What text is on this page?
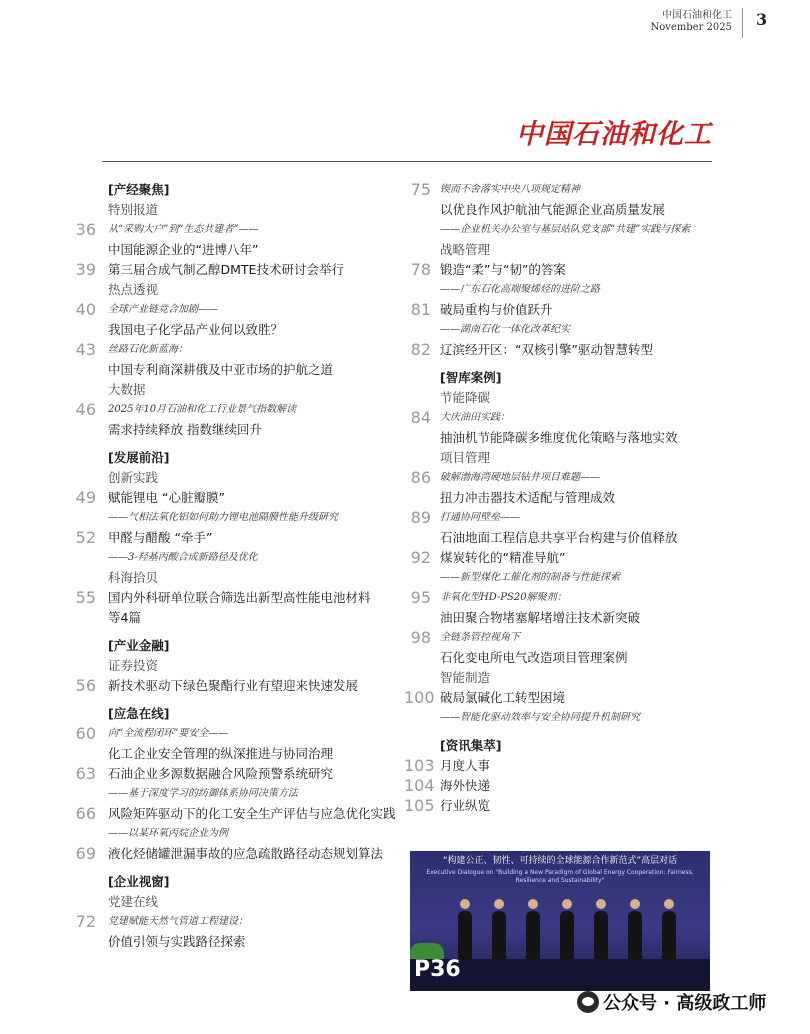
中国石油和化工
November 2025 3
中国石油和化工
[产经聚焦]
特别报道
36 从“采购大户”到“生态共建者”——
中国能源企业的“进博八年”
39 第三届合成气制乙醇DMTE技术研讨会举行
热点透视
40 全球产业链竞合加剧——
我国电子化学品产业何以致胜？
43 丝路石化新蓝海：
中国专利商深耕俄及中亚市场的护航之道
大数据
46 2025年10月石油和化工行业景气指数解读
需求持续释放 指数继续回升
[发展前沿]
创新实践
49 赋能锂电 “心脏瓣膜”
——气相法氧化铝如何助力锂电池隔膜性能升级研究
52 甲醛与醋酸 “牵手”
——3-羟基丙酸合成新路径及优化
科海拾贝
55 国内外科研单位联合筛选出新型高性能电池材料
等4篇
[产业金融]
证券投资
56 新技术驱动下绿色聚酯行业有望迎来快速发展
[应急在线]
60 向“全流程闭环”要安全——
化工企业安全管理的纵深推进与协同治理
63 石油企业多源数据融合风险预警系统研究
——基于深度学习的纺御体系协同决策方法
66 风险矩阵驱动下的化工安全生产评估与应急优化实践
——以某环氧丙烷企业为例
69 液化烃储罐泄漏事故的应急疏散路径动态规划算法
[企业视窗]
党建在线
72 党建赋能天然气管道工程建设：
价值引领与实践路径探索
75 锲而不舍落实中央八项规定精神
以优良作风护航油气能源企业高质量发展
——企业机关办公室与基层站队党支部“共建”实践与探索
战略管理
78 锻造“柔”与“韧”的答案
——广东石化高端聚烯烃的进阶之路
81 破局重构与价值跃升
——湖南石化一体化改革纪实
82 辽滨经开区：“双核引擎”驱动智慧转型
[智库案例]
节能降碳
84 大庆油田实践：
抽油机节能降碳多维度优化策略与落地实效
项目管理
86 破解渤海湾硬地层钻井项目难题——
扭力冲击器技术适配与管理成效
89 打通协同壁垒——
石油地面工程信息共享平台构建与价值释放
92 煤炭转化的“精准导航”
——新型煤化工催化剂的制备与性能探索
95 非氧化型HD-PS20解聚剂：
油田聚合物堵塞解堵增注技术新突破
98 全链条管控视角下
石化变电所电气改造项目管理案例
智能制造
100 破局氯碱化工转型困境
——智能化驱动效率与安全协同提升机制研究
[资讯集萃]
103 月度人事
104 海外快递
105 行业纵览
“构建公正、韧性、可持续的全球能源合作新范式”高层对话
Executive Dialogue on "Building a New Paradigm of Global Energy Cooperation: Fairness, Resilience and Sustainability"
P36
公众号 · 高级政工师
